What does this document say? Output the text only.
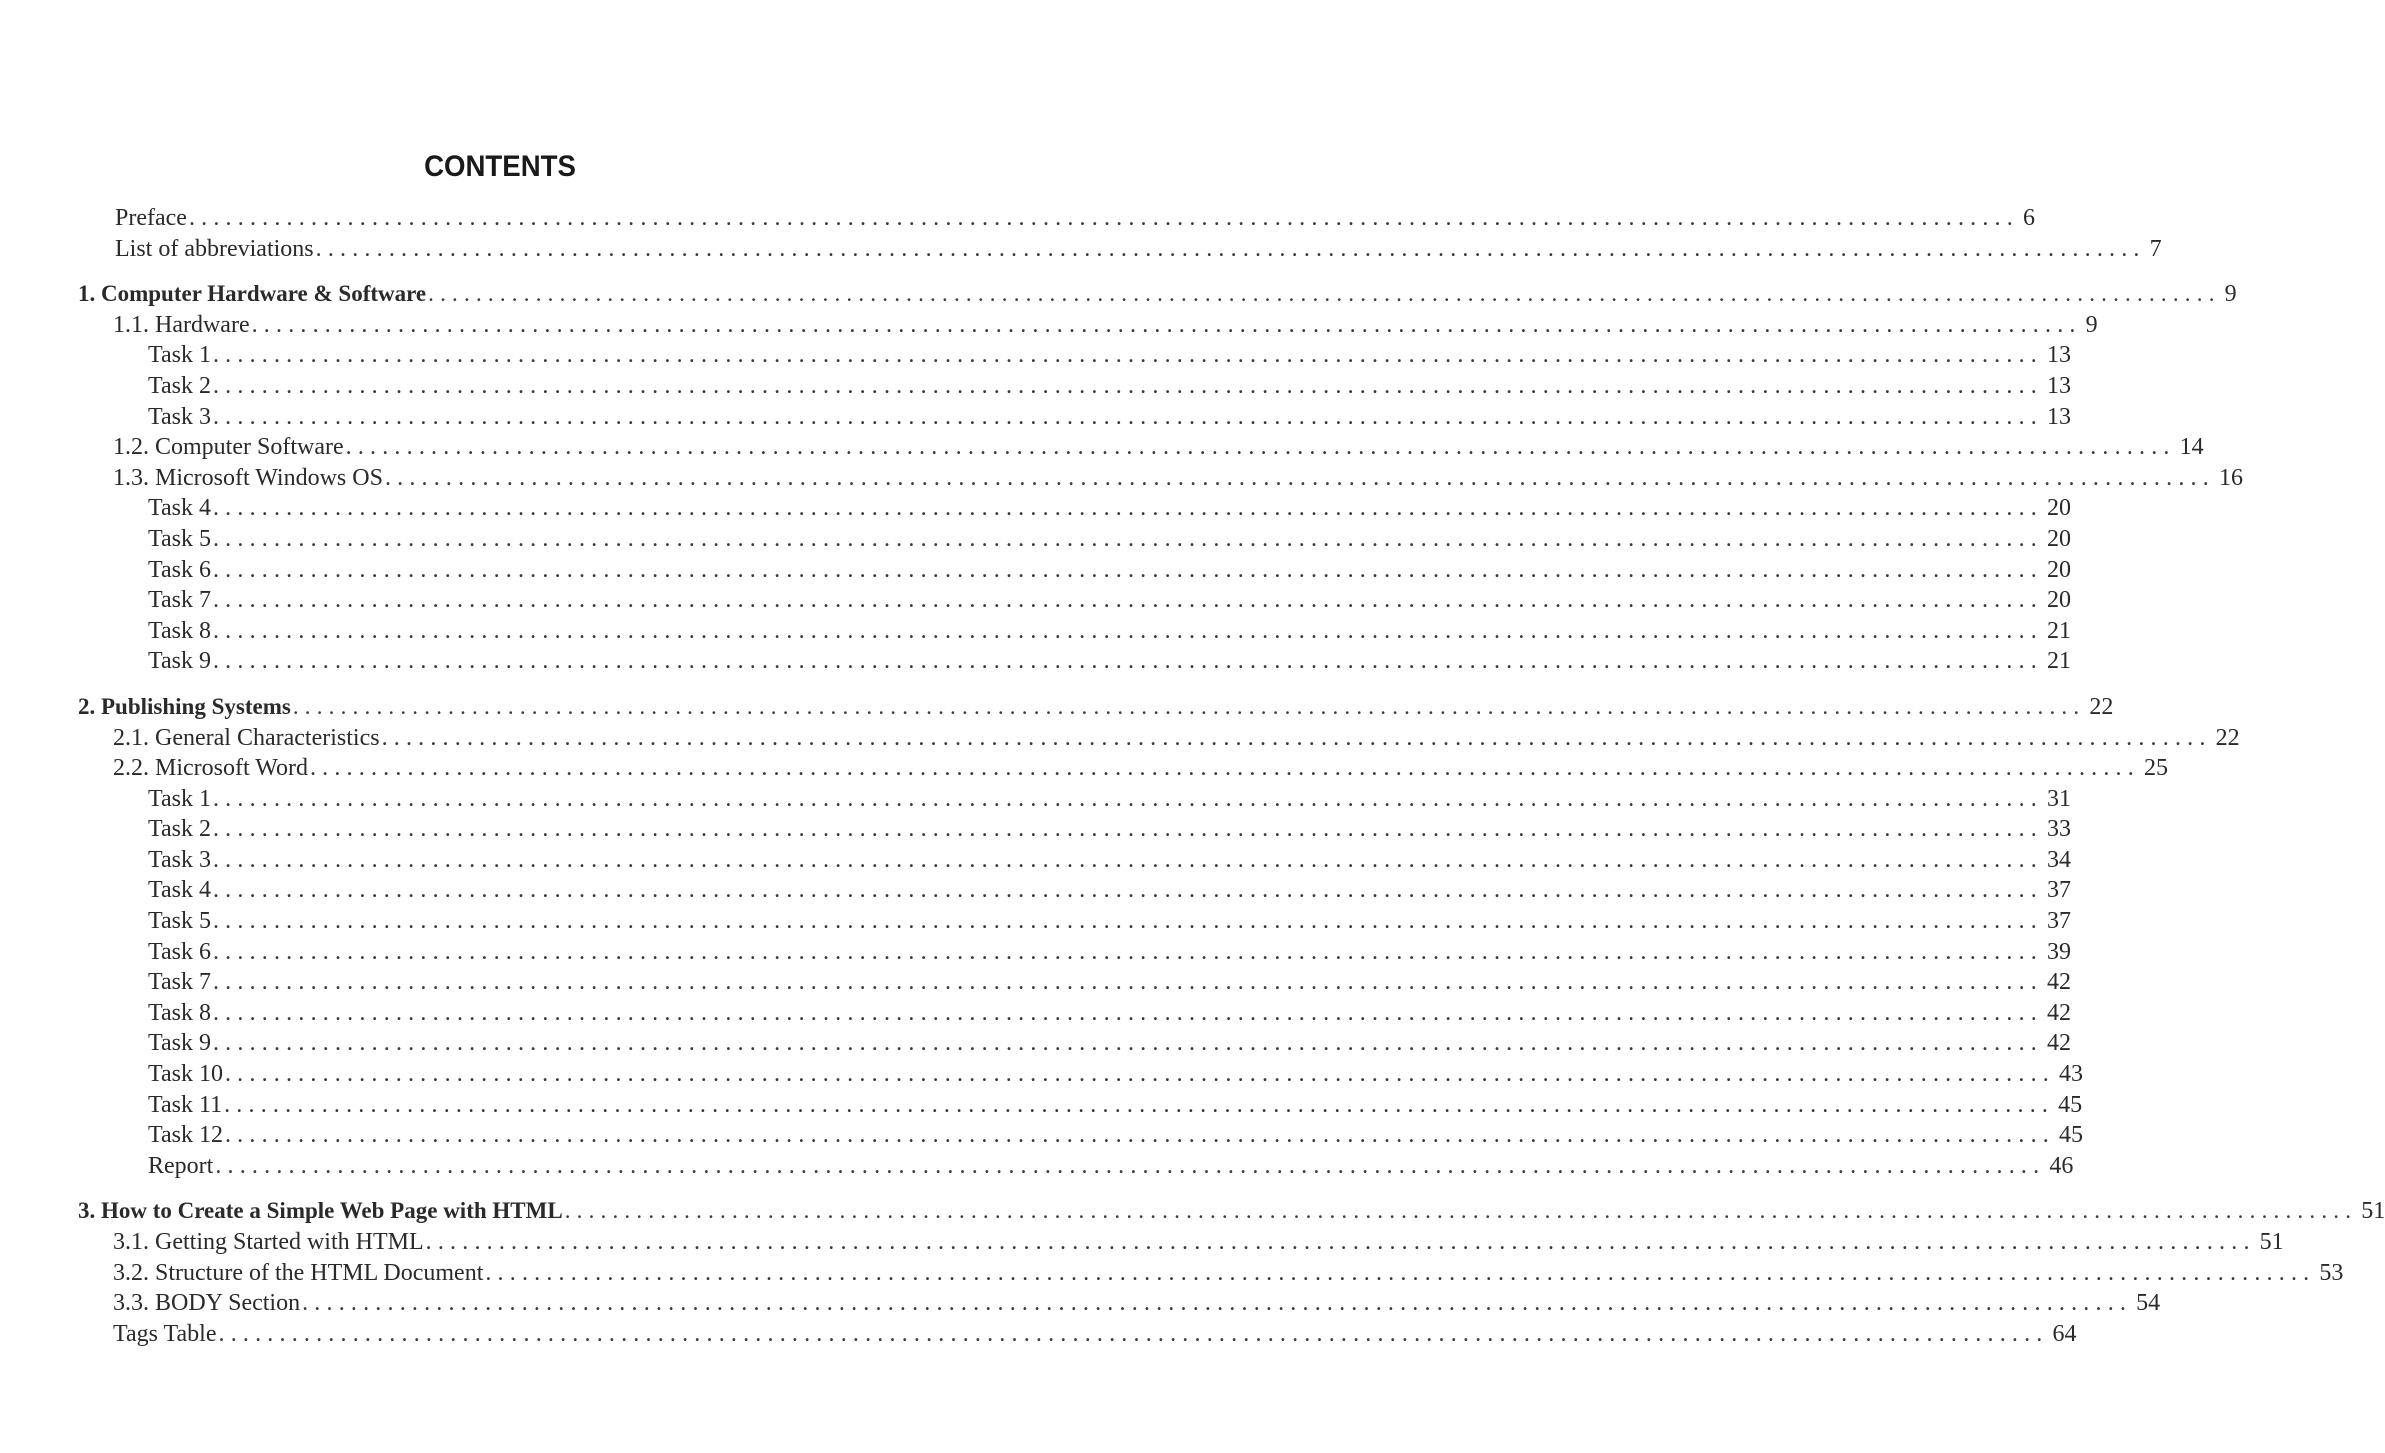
CONTENTS
Preface ...................................................................................................................................................... 6
List of abbreviations ...................................................................................................................................................... 7
1. Computer Hardware & Software ...................................................................................................................................................... 9
1.1. Hardware ...................................................................................................................................................... 9
Task 1 ...................................................................................................................................................... 13
Task 2 ...................................................................................................................................................... 13
Task 3 ...................................................................................................................................................... 13
1.2. Computer Software ...................................................................................................................................................... 14
1.3. Microsoft Windows OS ...................................................................................................................................................... 16
Task 4 ...................................................................................................................................................... 20
Task 5 ...................................................................................................................................................... 20
Task 6 ...................................................................................................................................................... 20
Task 7 ...................................................................................................................................................... 20
Task 8 ...................................................................................................................................................... 21
Task 9 ...................................................................................................................................................... 21
2. Publishing Systems ...................................................................................................................................................... 22
2.1. General Characteristics ...................................................................................................................................................... 22
2.2. Microsoft Word ...................................................................................................................................................... 25
Task 1 ...................................................................................................................................................... 31
Task 2 ...................................................................................................................................................... 33
Task 3 ...................................................................................................................................................... 34
Task 4 ...................................................................................................................................................... 37
Task 5 ...................................................................................................................................................... 37
Task 6 ...................................................................................................................................................... 39
Task 7 ...................................................................................................................................................... 42
Task 8 ...................................................................................................................................................... 42
Task 9 ...................................................................................................................................................... 42
Task 10 ...................................................................................................................................................... 43
Task 11 ...................................................................................................................................................... 45
Task 12 ...................................................................................................................................................... 45
Report ...................................................................................................................................................... 46
3. How to Create a Simple Web Page with HTML ...................................................................................................................................................... 51
3.1. Getting Started with HTML ...................................................................................................................................................... 51
3.2. Structure of the HTML Document ...................................................................................................................................................... 53
3.3. BODY Section ...................................................................................................................................................... 54
Tags Table ...................................................................................................................................................... 64
